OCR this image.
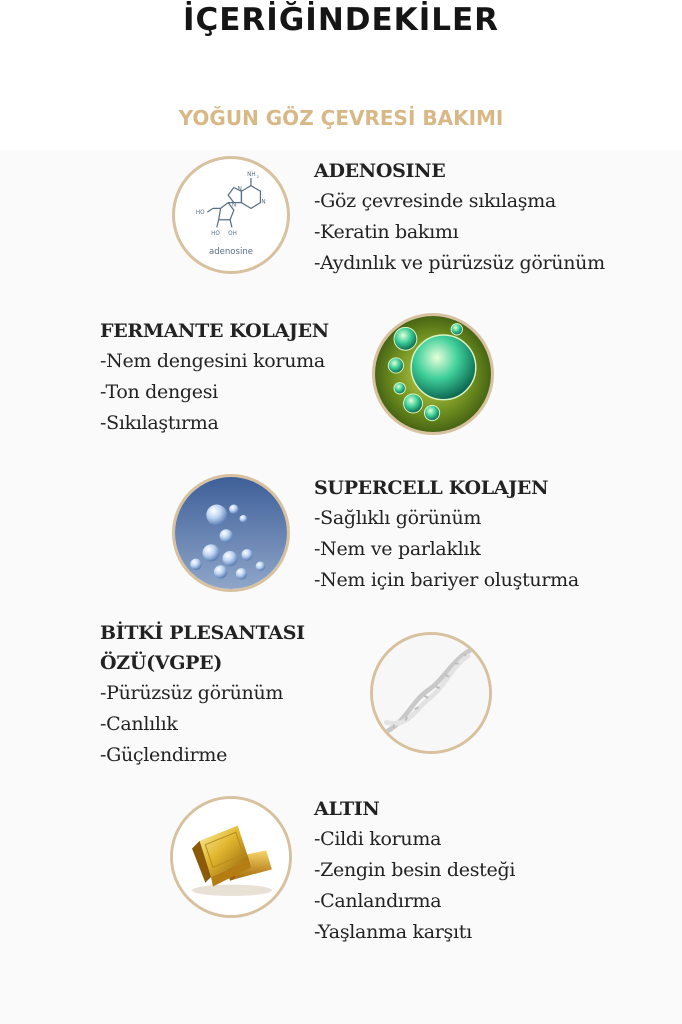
İÇERİĞİNDEKİLER
YOĞUN GÖZ ÇEVRESİ BAKIMI
NH 2
HO
HO OH
N
N
N
adenosine
ADENOSINE
-Göz çevresinde sıkılaşma
-Keratin bakımı
-Aydınlık ve pürüzsüz görünüm
FERMANTE KOLAJEN
-Nem dengesini koruma
-Ton dengesi
-Sıkılaştırma
SUPERCELL KOLAJEN
-Sağlıklı görünüm
-Nem ve parlaklık
-Nem için bariyer oluşturma
BİTKİ PLESANTASI
ÖZÜ(VGPE)
-Pürüzsüz görünüm
-Canlılık
-Güçlendirme
ALTIN
-Cildi koruma
-Zengin besin desteği
-Canlandırma
-Yaşlanma karşıtı
